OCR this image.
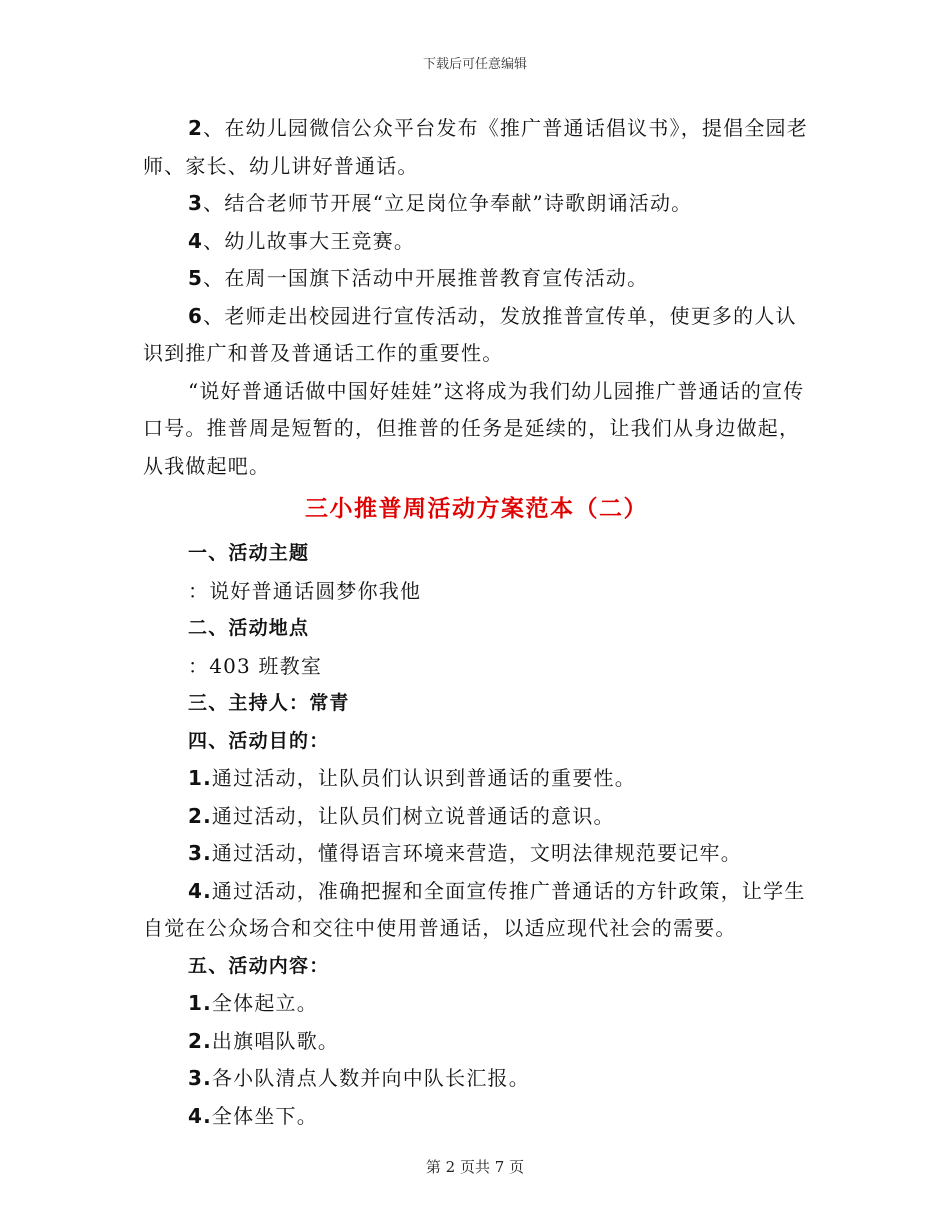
下载后可任意编辑

2、在幼儿园微信公众平台发布《推广普通话倡议书》，提倡全园老师、家长、幼儿讲好普通话。

3、结合老师节开展“立足岗位争奉献”诗歌朗诵活动。

4、幼儿故事大王竞赛。

5、在周一国旗下活动中开展推普教育宣传活动。

6、老师走出校园进行宣传活动，发放推普宣传单，使更多的人认识到推广和普及普通话工作的重要性。

“说好普通话做中国好娃娃”这将成为我们幼儿园推广普通话的宣传口号。推普周是短暂的，但推普的任务是延续的，让我们从身边做起，从我做起吧。

三小推普周活动方案范本（二）

一、活动主题

：说好普通话圆梦你我他

二、活动地点

：403 班教室

三、主持人：常青

四、活动目的：

1.通过活动，让队员们认识到普通话的重要性。

2.通过活动，让队员们树立说普通话的意识。

3.通过活动，懂得语言环境来营造，文明法律规范要记牢。

4.通过活动，准确把握和全面宣传推广普通话的方针政策，让学生自觉在公众场合和交往中使用普通话，以适应现代社会的需要。

五、活动内容：

1.全体起立。

2.出旗唱队歌。

3.各小队清点人数并向中队长汇报。

4.全体坐下。

第 2 页共 7 页
